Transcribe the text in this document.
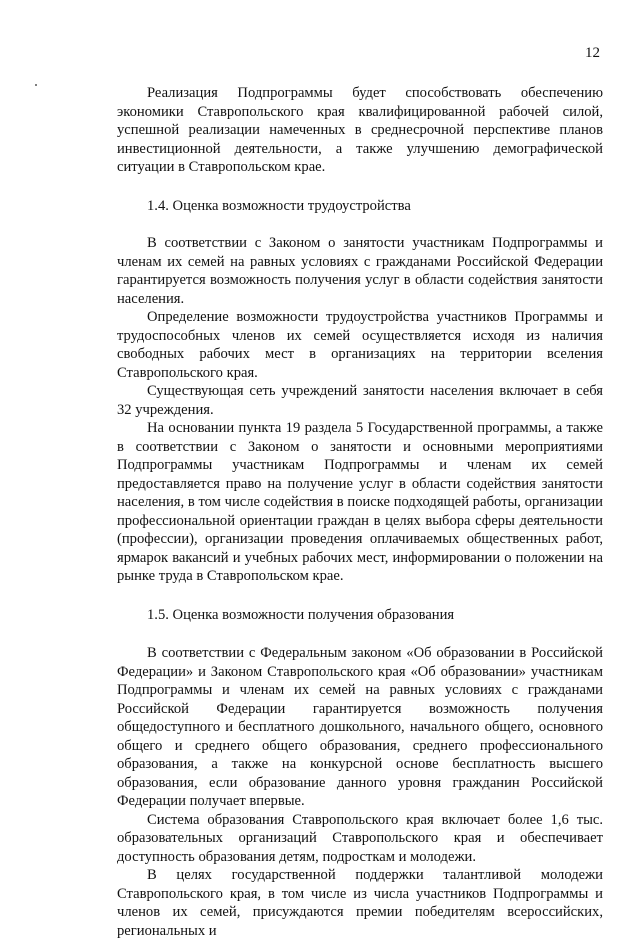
12

Реализация Подпрограммы будет способствовать обеспечению экономики Ставропольского края квалифицированной рабочей силой, успешной реализации намеченных в среднесрочной перспективе планов инвестиционной деятельности, а также улучшению демографической ситуации в Ставропольском крае.

1.4. Оценка возможности трудоустройства

В соответствии с Законом о занятости участникам Подпрограммы и членам их семей на равных условиях с гражданами Российской Федерации гарантируется возможность получения услуг в области содействия занятости населения.

Определение возможности трудоустройства участников Программы и трудоспособных членов их семей осуществляется исходя из наличия свободных рабочих мест в организациях на территории вселения Ставропольского края.

Существующая сеть учреждений занятости населения включает в себя 32 учреждения.

На основании пункта 19 раздела 5 Государственной программы, а также в соответствии с Законом о занятости и основными мероприятиями Подпрограммы участникам Подпрограммы и членам их семей предоставляется право на получение услуг в области содействия занятости населения, в том числе содействия в поиске подходящей работы, организации профессиональной ориентации граждан в целях выбора сферы деятельности (профессии), организации проведения оплачиваемых общественных работ, ярмарок вакансий и учебных рабочих мест, информировании о положении на рынке труда в Ставропольском крае.

1.5. Оценка возможности получения образования

В соответствии с Федеральным законом «Об образовании в Российской Федерации» и Законом Ставропольского края «Об образовании» участникам Подпрограммы и членам их семей на равных условиях с гражданами Российской Федерации гарантируется возможность получения общедоступного и бесплатного дошкольного, начального общего, основного общего и среднего общего образования, среднего профессионального образования, а также на конкурсной основе бесплатность высшего образования, если образование данного уровня гражданин Российской Федерации получает впервые.

Система образования Ставропольского края включает более 1,6 тыс. образовательных организаций Ставропольского края и обеспечивает доступность образования детям, подросткам и молодежи.

В целях государственной поддержки талантливой молодежи Ставропольского края, в том числе из числа участников Подпрограммы и членов их семей, присуждаются премии победителям всероссийских, региональных и
